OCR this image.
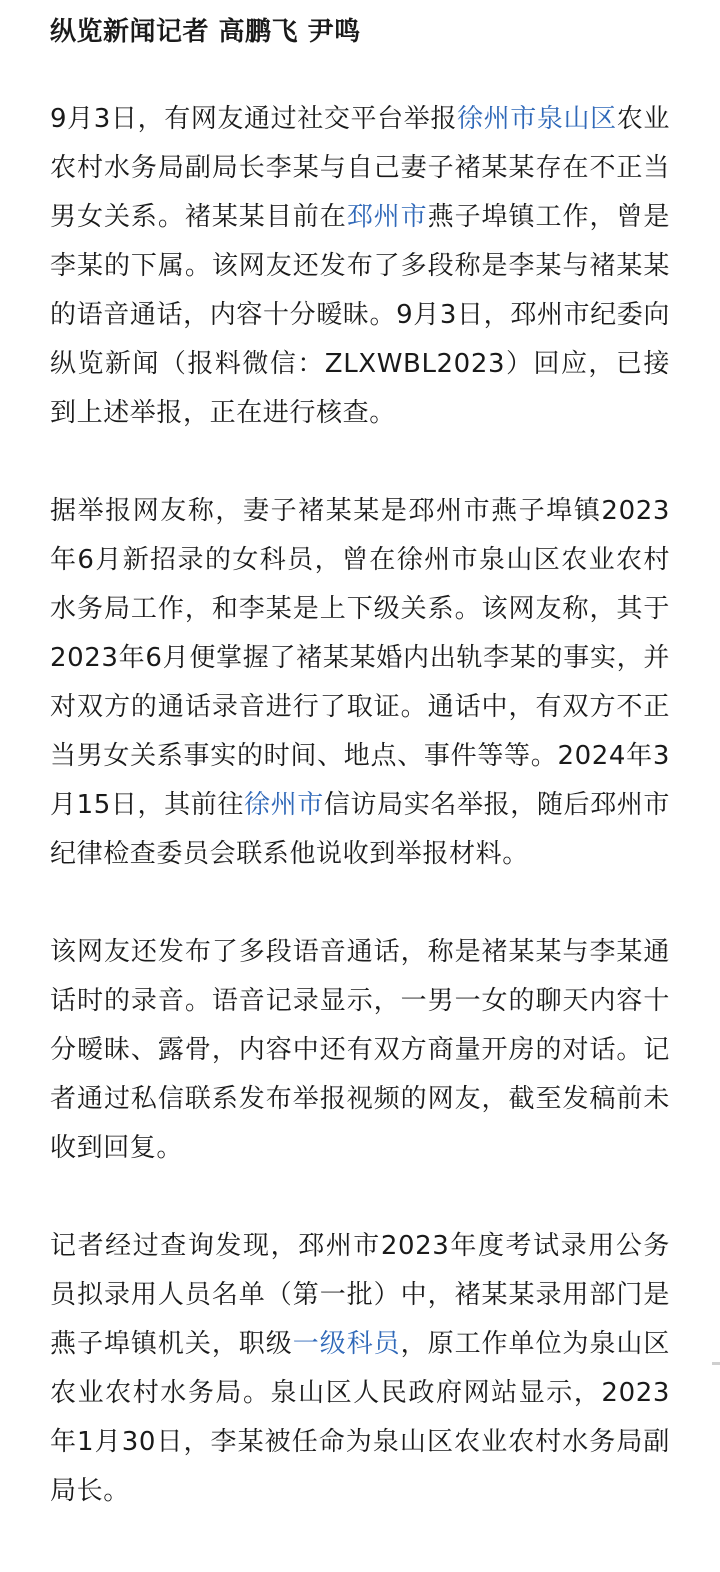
纵览新闻记者 高鹏飞 尹鸣

9月3日，有网友通过社交平台举报徐州市泉山区农业农村水务局副局长李某与自己妻子褚某某存在不正当男女关系。褚某某目前在邳州市燕子埠镇工作，曾是李某的下属。该网友还发布了多段称是李某与褚某某的语音通话，内容十分暧昧。9月3日，邳州市纪委向纵览新闻（报料微信：ZLXWBL2023）回应，已接到上述举报，正在进行核查。

据举报网友称，妻子褚某某是邳州市燕子埠镇2023年6月新招录的女科员，曾在徐州市泉山区农业农村水务局工作，和李某是上下级关系。该网友称，其于2023年6月便掌握了褚某某婚内出轨李某的事实，并对双方的通话录音进行了取证。通话中，有双方不正当男女关系事实的时间、地点、事件等等。2024年3月15日，其前往徐州市信访局实名举报，随后邳州市纪律检查委员会联系他说收到举报材料。

该网友还发布了多段语音通话，称是褚某某与李某通话时的录音。语音记录显示，一男一女的聊天内容十分暧昧、露骨，内容中还有双方商量开房的对话。记者通过私信联系发布举报视频的网友，截至发稿前未收到回复。

记者经过查询发现，邳州市2023年度考试录用公务员拟录用人员名单（第一批）中，褚某某录用部门是燕子埠镇机关，职级一级科员，原工作单位为泉山区农业农村水务局。泉山区人民政府网站显示，2023年1月30日，李某被任命为泉山区农业农村水务局副局长。
